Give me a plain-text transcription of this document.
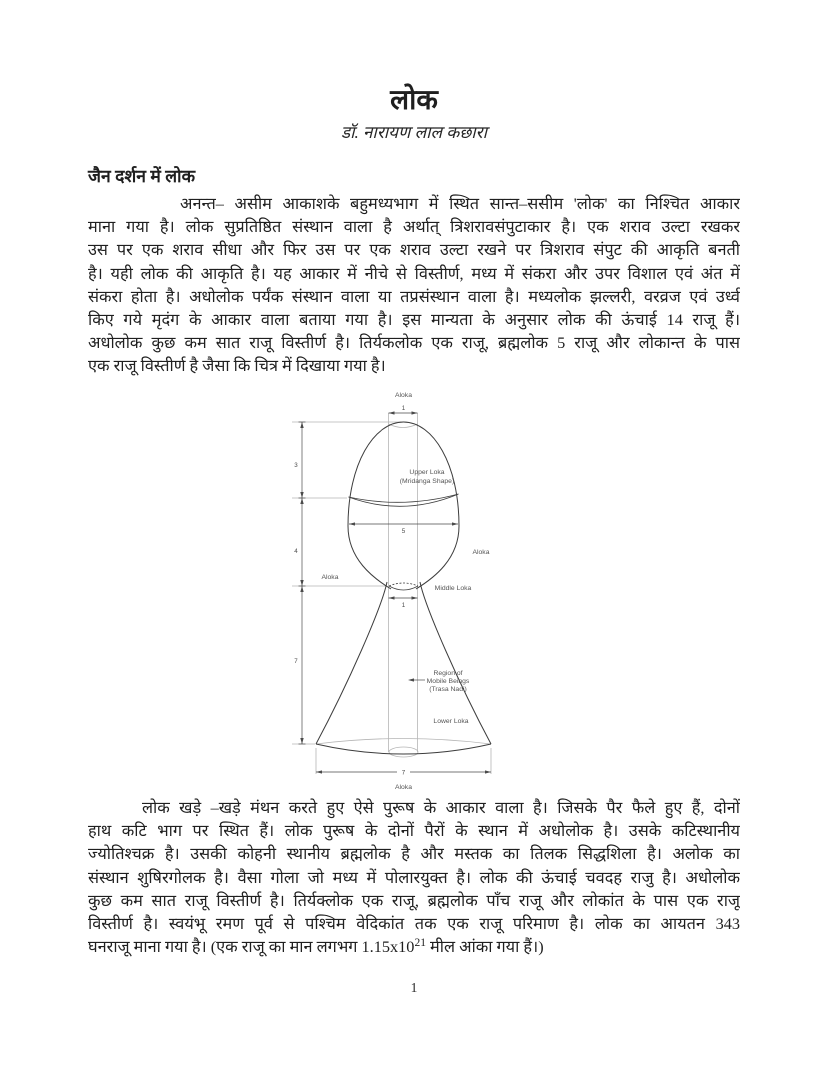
लोक
डॉ. नारायण लाल कछारा
जैन दर्शन में लोक
अनन्त– असीम आकाशके बहुमध्यभाग में स्थित सान्त–ससीम 'लोक' का निश्चित आकार
माना गया है। लोक सुप्रतिष्ठित संस्थान वाला है अर्थात् त्रिशरावसंपुटाकार है। एक शराव उल्टा रखकर
उस पर एक शराव सीधा और फिर उस पर एक शराव उल्टा रखने पर त्रिशराव संपुट की आकृति बनती
है। यही लोक की आकृति है। यह आकार में नीचे से विस्तीर्ण, मध्य में संकरा और उपर विशाल एवं अंत में
संकरा होता है। अधोलोक पर्यंक संस्थान वाला या तप्रसंस्थान वाला है। मध्यलोक झल्लरी, वरव्रज एवं उर्ध्व
किए गये मृदंग के आकार वाला बताया गया है। इस मान्यता के अनुसार लोक की ऊंचाई 14 राजू हैं।
अधोलोक कुछ कम सात राजू विस्तीर्ण है। तिर्यकलोक एक राजू, ब्रह्मलोक 5 राजू और लोकान्त के पास
एक राजू विस्तीर्ण है जैसा कि चित्र में दिखाया गया है।
Aloka
1
Upper Loka
(Mridanga Shape)
5
3
4
7
Aloka
Aloka
Middle Loka
1
Region of
Mobile Beings
(Trasa Nadi)
Lower Loka
7
Aloka
लोक खड़े –खड़े मंथन करते हुए ऐसे पुरूष के आकार वाला है। जिसके पैर फैले हुए हैं, दोनों
हाथ कटि भाग पर स्थित हैं। लोक पुरूष के दोनों पैरों के स्थान में अधोलोक है। उसके कटिस्थानीय
ज्योतिश्चक्र है। उसकी कोहनी स्थानीय ब्रह्मलोक है और मस्तक का तिलक सिद्धशिला है। अलोक का
संस्थान शुषिरगोलक है। वैसा गोला जो मध्य में पोलारयुक्त है। लोक की ऊंचाई चवदह राजु है। अधोलोक
कुछ कम सात राजू विस्तीर्ण है। तिर्यक्लोक एक राजू, ब्रह्मलोक पाँच राजू और लोकांत के पास एक राजू
विस्तीर्ण है। स्वयंभू रमण पूर्व से पश्चिम वेदिकांत तक एक राजू परिमाण है। लोक का आयतन 343
घनराजू माना गया है। (एक राजू का मान लगभग $1.15x10^{21}$ मील आंका गया हैं।)
1
